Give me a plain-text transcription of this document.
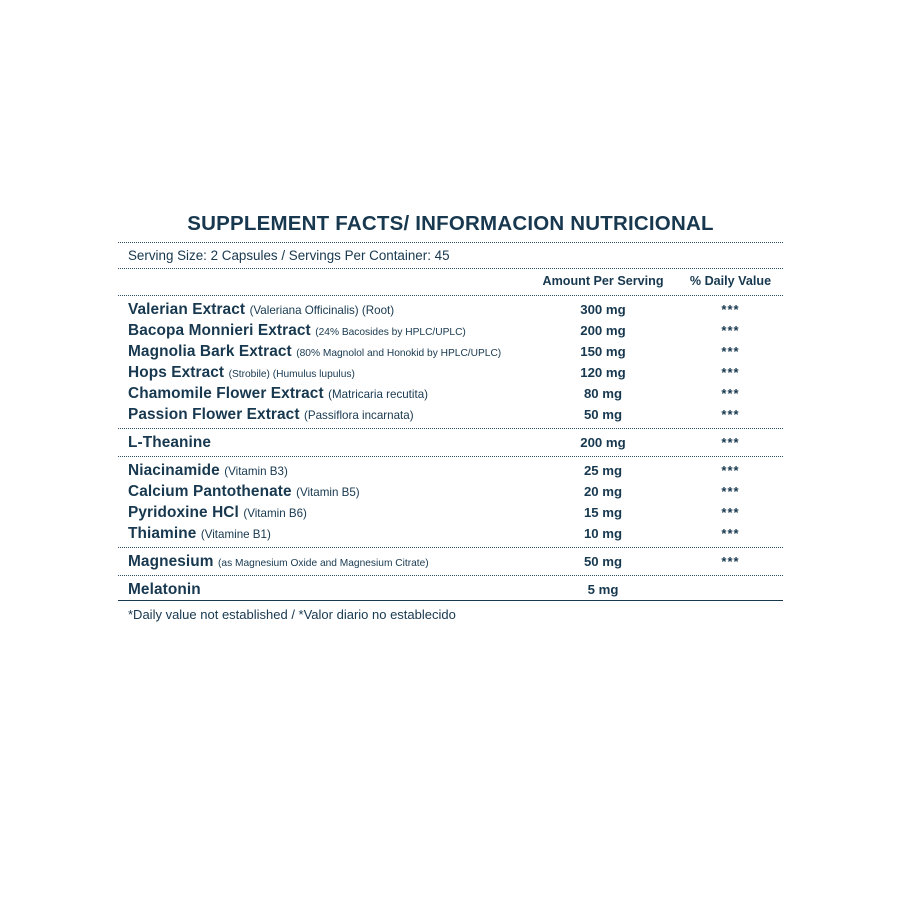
SUPPLEMENT FACTS/ INFORMACION NUTRICIONAL
Serving Size: 2 Capsules / Servings Per Container: 45
	Amount Per Serving	% Daily Value

Valerian Extract (Valeriana Officinalis) (Root)	300 mg	***
Bacopa Monnieri Extract (24% Bacosides by HPLC/UPLC)	200 mg	***
Magnolia Bark Extract (80% Magnolol and Honokid by HPLC/UPLC)	150 mg	***
Hops Extract (Strobile) (Humulus lupulus)	120 mg	***
Chamomile Flower Extract (Matricaria recutita)	80 mg	***
Passion Flower Extract (Passiflora incarnata)	50 mg	***

L-Theanine	200 mg	***

Niacinamide (Vitamin B3)	25 mg	***
Calcium Pantothenate (Vitamin B5)	20 mg	***
Pyridoxine HCl (Vitamin B6)	15 mg	***
Thiamine (Vitamine B1)	10 mg	***

Magnesium (as Magnesium Oxide and Magnesium Citrate)	50 mg	***

Melatonin	5 mg	
*Daily value not established / *Valor diario no establecido
